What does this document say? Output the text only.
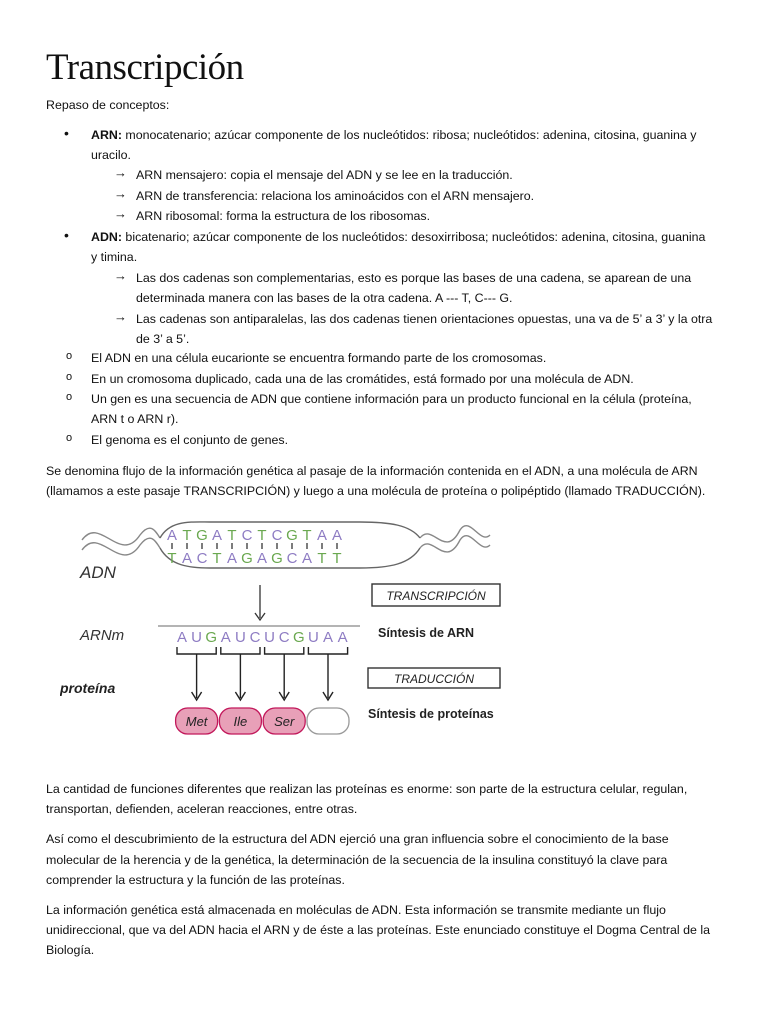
Transcripción
Repaso de conceptos:
• ARN: monocatenario; azúcar componente de los nucleótidos: ribosa; nucleótidos: adenina, citosina, guanina y
uracilo.
→ ARN mensajero: copia el mensaje del ADN y se lee en la traducción.
→ ARN de transferencia: relaciona los aminoácidos con el ARN mensajero.
→ ARN ribosomal: forma la estructura de los ribosomas.
• ADN: bicatenario; azúcar componente de los nucleótidos: desoxirribosa; nucleótidos: adenina, citosina, guanina
y timina.
→ Las dos cadenas son complementarias, esto es porque las bases de una cadena, se aparean de una
determinada manera con las bases de la otra cadena. A --- T, C--- G.
→ Las cadenas son antiparalelas, las dos cadenas tienen orientaciones opuestas, una va de 5’ a 3’ y la otra
de 3’ a 5’.
o El ADN en una célula eucarionte se encuentra formando parte de los cromosomas.
o En un cromosoma duplicado, cada una de las cromátides, está formado por una molécula de ADN.
o Un gen es una secuencia de ADN que contiene información para un producto funcional en la célula (proteína,
ARN t o ARN r).
o El genoma es el conjunto de genes.
Se denomina flujo de la información genética al pasaje de la información contenida en el ADN, a una molécula de ARN
(llamamos a este pasaje TRANSCRIPCIÓN) y luego a una molécula de proteína o polipéptido (llamado TRADUCCIÓN).
A T G A T C T C G T A A
T A C T A G A G C A T T
ADN
TRANSCRIPCIÓN
Síntesis de ARN
ARNm	A U G A U C U C G U A A
TRADUCCIÓN
Síntesis de proteínas
proteína
Met Ile Ser
La cantidad de funciones diferentes que realizan las proteínas es enorme: son parte de la estructura celular, regulan,
transportan, defienden, aceleran reacciones, entre otras.
Así como el descubrimiento de la estructura del ADN ejerció una gran influencia sobre el conocimiento de la base
molecular de la herencia y de la genética, la determinación de la secuencia de la insulina constituyó la clave para
comprender la estructura y la función de las proteínas.
La información genética está almacenada en moléculas de ADN. Esta información se transmite mediante un flujo
unidireccional, que va del ADN hacia el ARN y de éste a las proteínas. Este enunciado constituye el Dogma Central de la
Biología.
